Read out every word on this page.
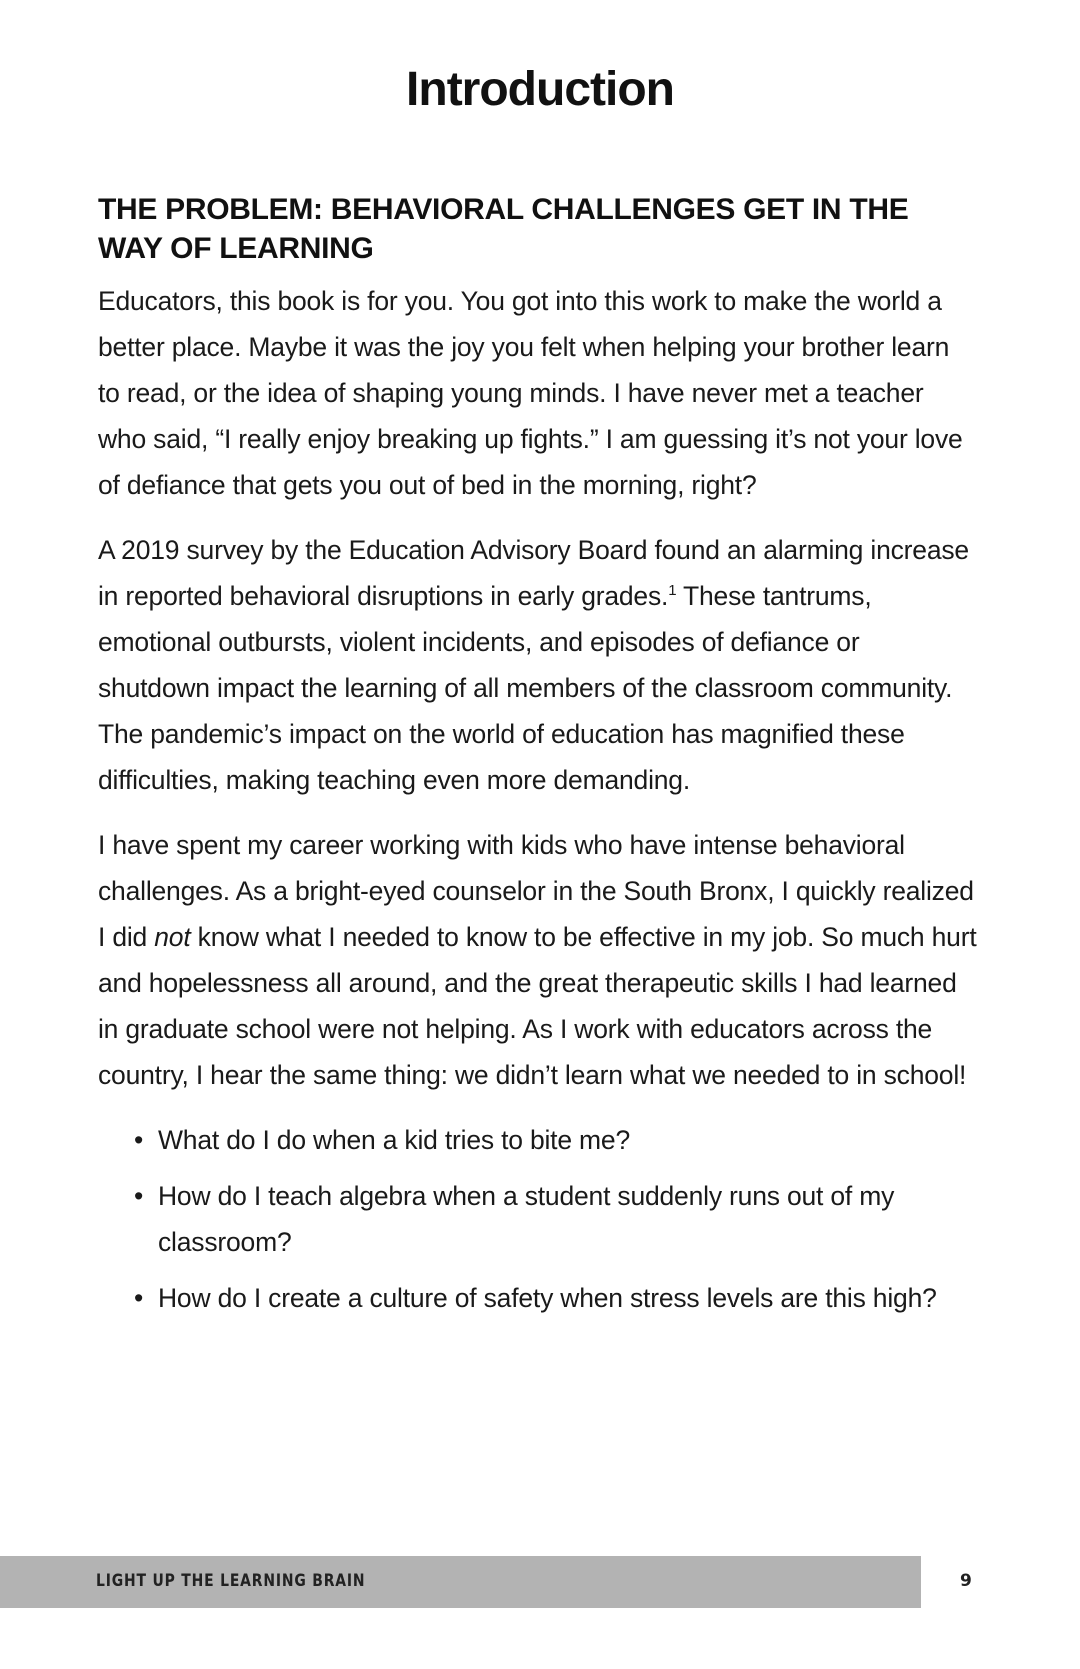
Introduction
THE PROBLEM: BEHAVIORAL CHALLENGES GET IN THE WAY OF LEARNING

Educators, this book is for you. You got into this work to make the world a better place. Maybe it was the joy you felt when helping your brother learn to read, or the idea of shaping young minds. I have never met a teacher who said, “I really enjoy breaking up fights.” I am guessing it’s not your love of defiance that gets you out of bed in the morning, right?

A 2019 survey by the Education Advisory Board found an alarming increase in reported behavioral disruptions in early grades.$^1$ These tantrums, emotional outbursts, violent incidents, and episodes of defiance or shutdown impact the learning of all members of the classroom community. The pandemic’s impact on the world of education has magnified these difficulties, making teaching even more demanding.

I have spent my career working with kids who have intense behavioral challenges. As a bright-eyed counselor in the South Bronx, I quickly realized I did not know what I needed to know to be effective in my job. So much hurt and hopelessness all around, and the great therapeutic skills I had learned in graduate school were not helping. As I work with educators across the country, I hear the same thing: we didn’t learn what we needed to in school!

• What do I do when a kid tries to bite me?
• How do I teach algebra when a student suddenly runs out of my classroom?
• How do I create a culture of safety when stress levels are this high?
LIGHT UP THE LEARNING BRAIN	9
